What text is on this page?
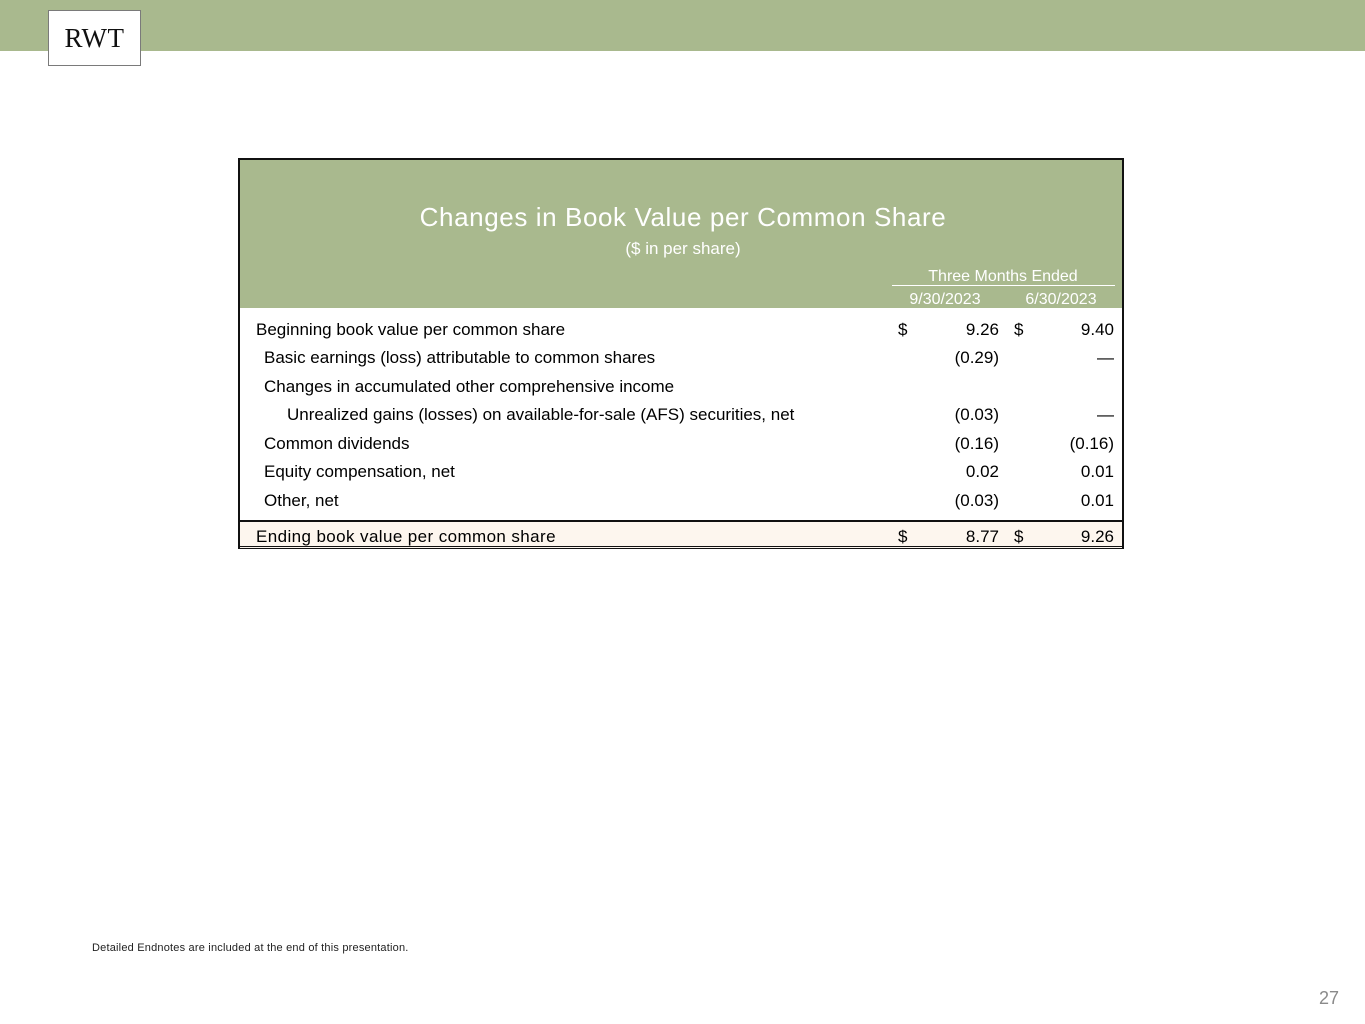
RWT
Changes in Book Value per Common Share
($ in per share)
Three Months Ended
9/30/2023	6/30/2023
Beginning book value per common share	$	9.26 $	9.40
Basic earnings (loss) attributable to common shares	(0.29)	—
Changes in accumulated other comprehensive income
Unrealized gains (losses) on available-for-sale (AFS) securities, net	(0.03)	—
Common dividends	(0.16)	(0.16)
Equity compensation, net	0.02	0.01
Other, net	(0.03)	0.01
Ending book value per common share	$	8.77 $	9.26
Detailed Endnotes are included at the end of this presentation.
27
